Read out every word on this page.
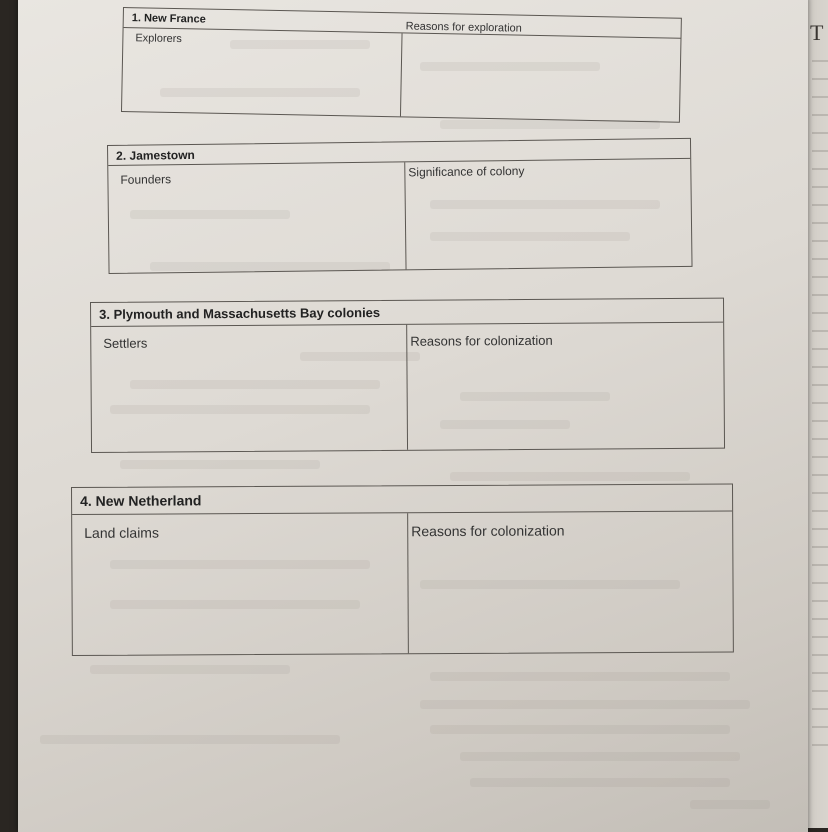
T
1. New France
Explorers
Reasons for exploration
2. Jamestown
Founders
Significance of colony
3. Plymouth and Massachusetts Bay colonies
Settlers	Reasons for colonization
4. New Netherland
Land claims	Reasons for colonization
